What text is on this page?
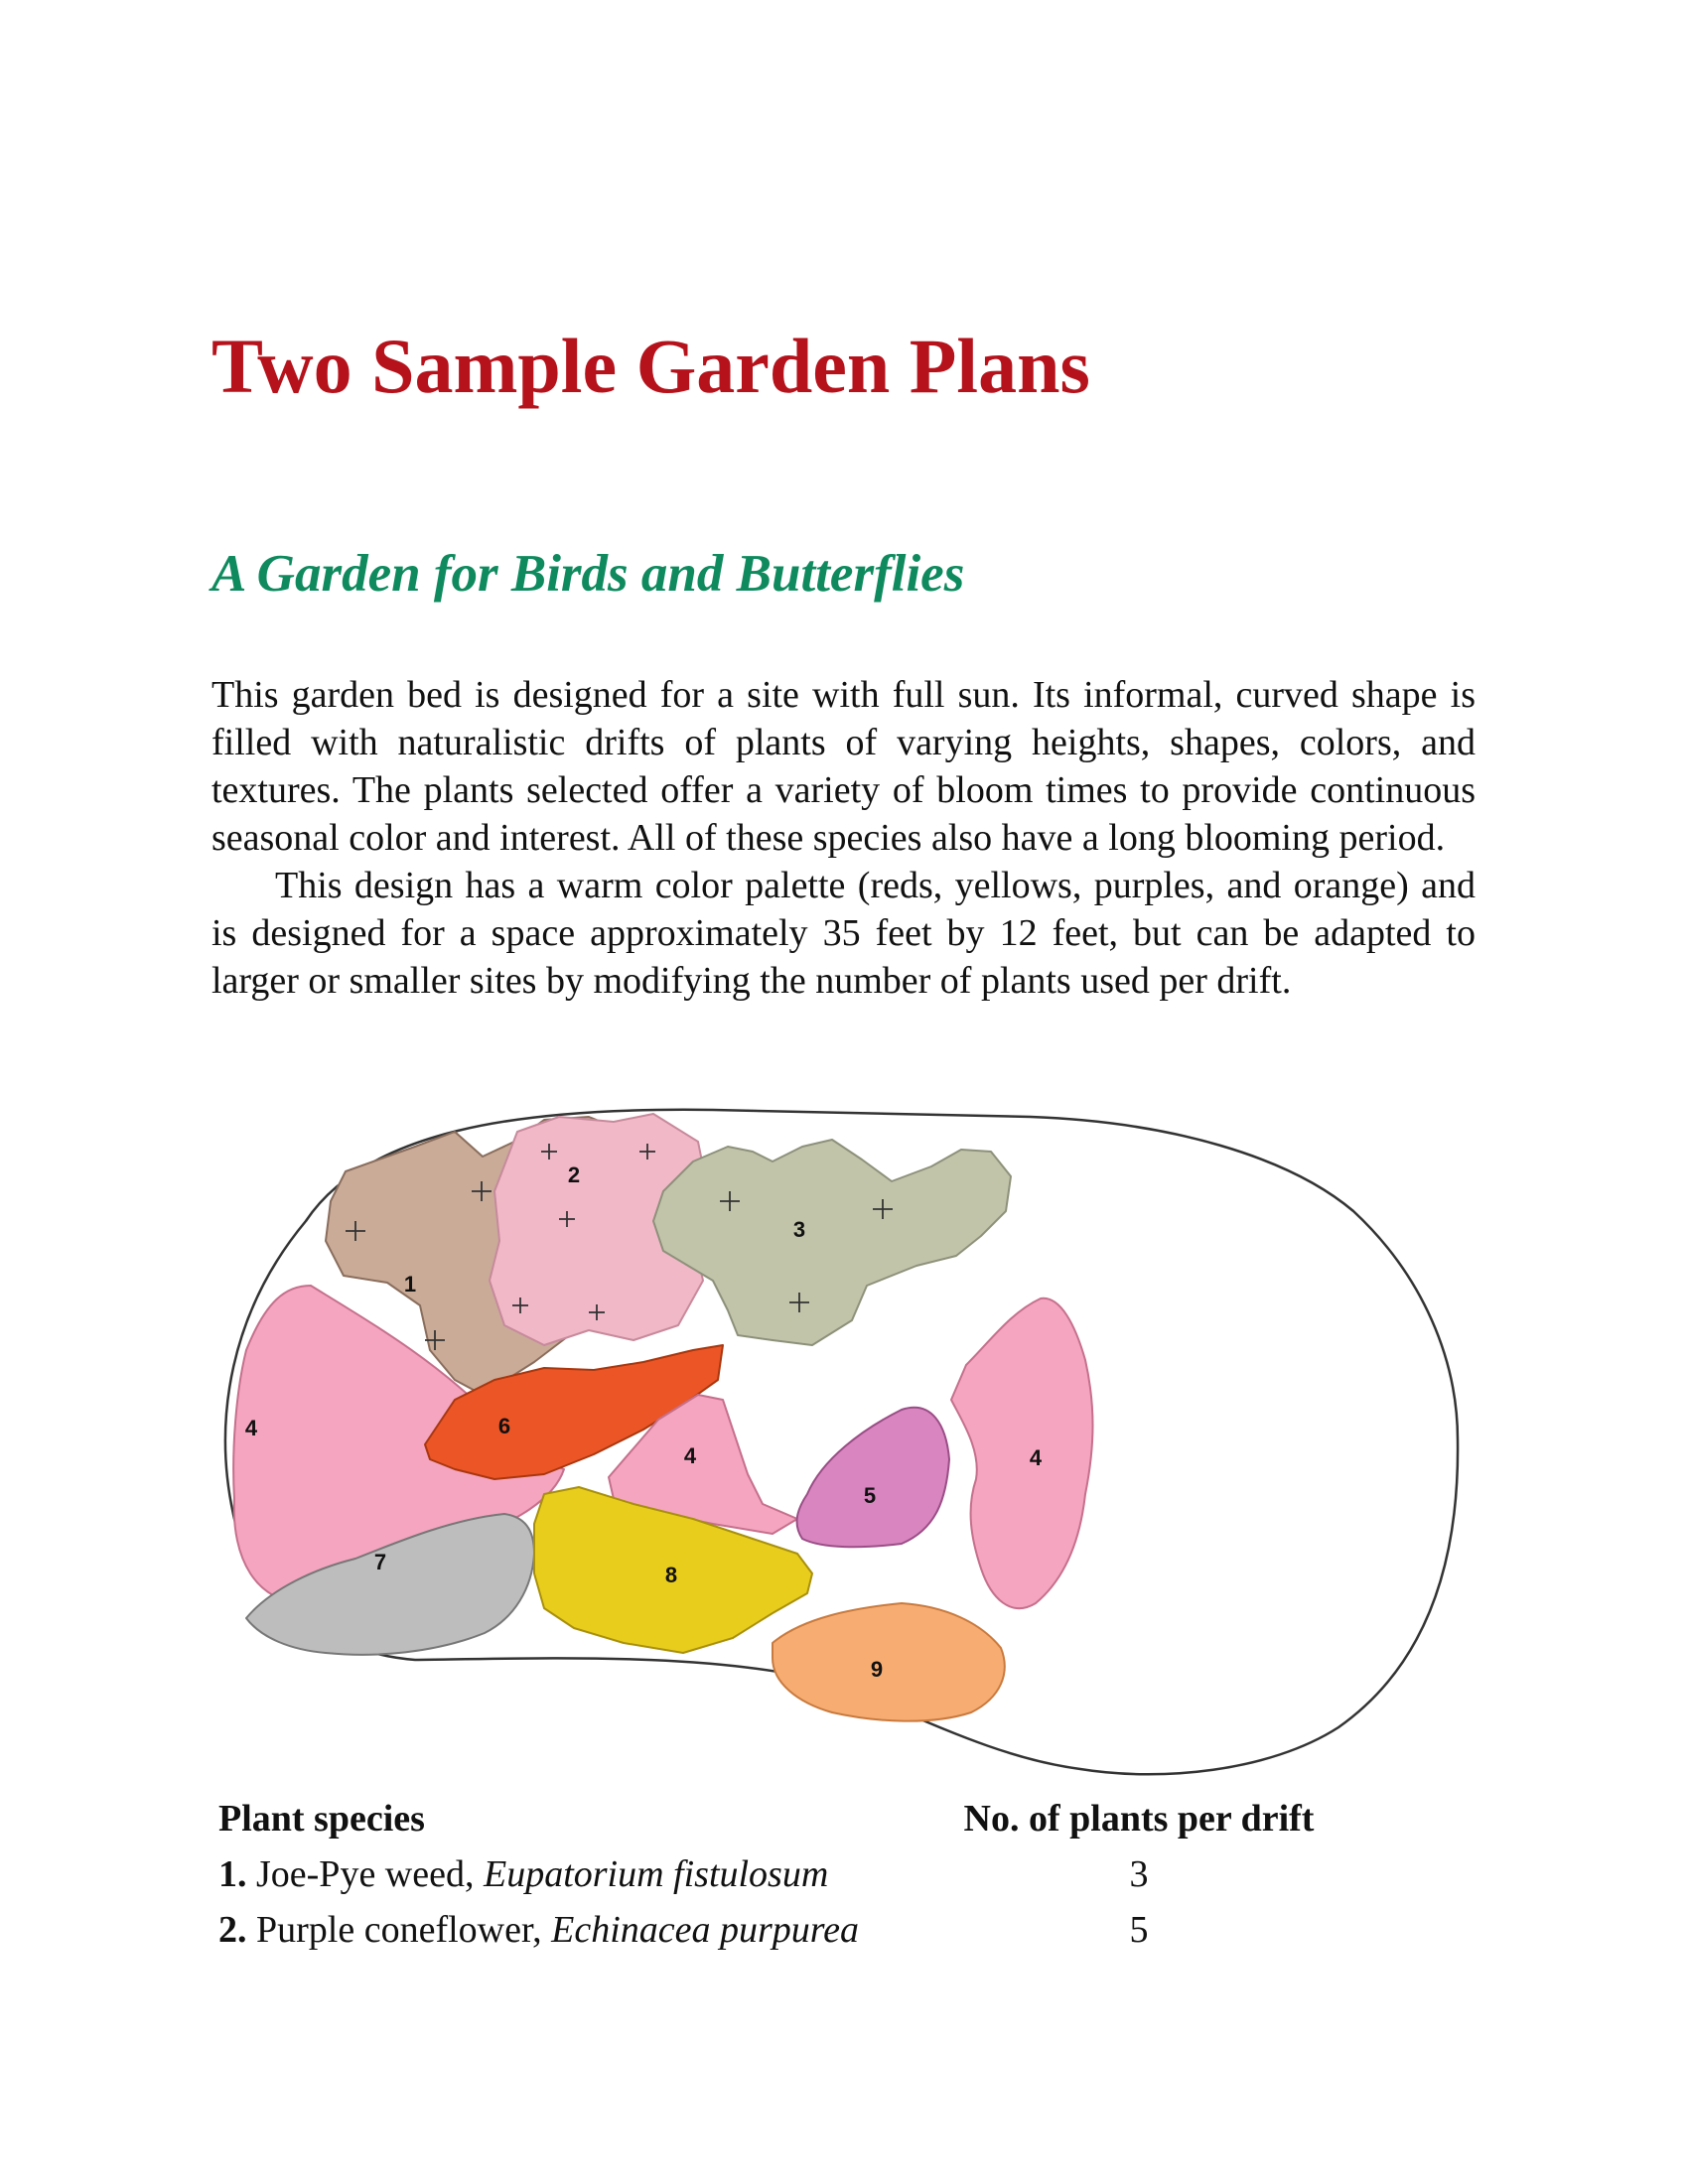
Two Sample Garden Plans
A Garden for Birds and Butterflies

This garden bed is designed for a site with full sun. Its informal, curved shape is filled with naturalistic drifts of plants of varying heights, shapes, colors, and textures. The plants selected offer a variety of bloom times to provide continuous seasonal color and interest. All of these species also have a long blooming period.

This design has a warm color palette (reds, yellows, purples, and orange) and is designed for a space approximately 35 feet by 12 feet, but can be adapted to larger or smaller sites by modifying the number of plants used per drift.

1
2
3
4	6
4	4
5
7
8
9
Plant species	No. of plants per drift
1. Joe-Pye weed, Eupatorium fistulosum	3
2. Purple coneflower, Echinacea purpurea	5
